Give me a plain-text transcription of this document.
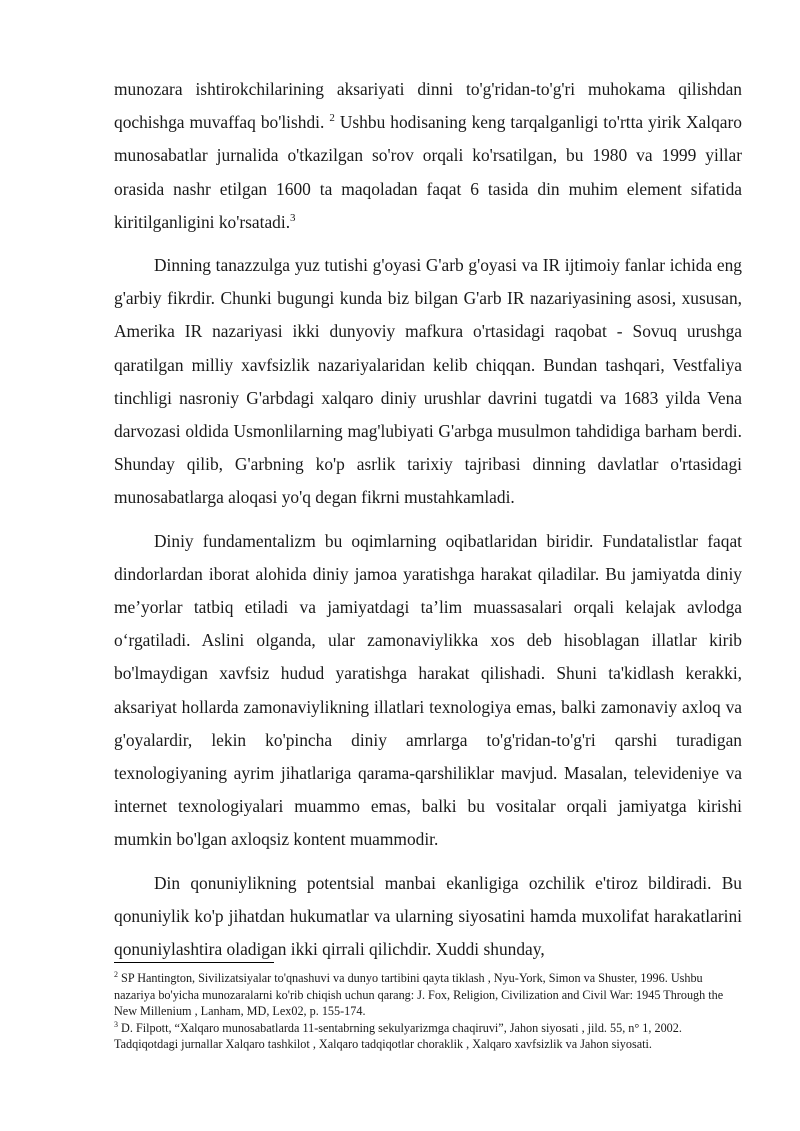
munozara ishtirokchilarining aksariyati dinni to'g'ridan-to'g'ri muhokama qilishdan qochishga muvaffaq bo'lishdi. $^2$ Ushbu hodisaning keng tarqalganligi to'rtta yirik Xalqaro munosabatlar jurnalida o'tkazilgan so'rov orqali ko'rsatilgan, bu 1980 va 1999 yillar orasida nashr etilgan 1600 ta maqoladan faqat 6 tasida din muhim element sifatida kiritilganligini ko'rsatadi.$^3$

Dinning tanazzulga yuz tutishi g'oyasi G'arb g'oyasi va IR ijtimoiy fanlar ichida eng g'arbiy fikrdir. Chunki bugungi kunda biz bilgan G'arb IR nazariyasining asosi, xususan, Amerika IR nazariyasi ikki dunyoviy mafkura o'rtasidagi raqobat - Sovuq urushga qaratilgan milliy xavfsizlik nazariyalaridan kelib chiqqan. Bundan tashqari, Vestfaliya tinchligi nasroniy G'arbdagi xalqaro diniy urushlar davrini tugatdi va 1683 yilda Vena darvozasi oldida Usmonlilarning mag'lubiyati G'arbga musulmon tahdidiga barham berdi. Shunday qilib, G'arbning ko'p asrlik tarixiy tajribasi dinning davlatlar o'rtasidagi munosabatlarga aloqasi yo'q degan fikrni mustahkamladi.

Diniy fundamentalizm bu oqimlarning oqibatlaridan biridir. Fundatalistlar faqat dindorlardan iborat alohida diniy jamoa yaratishga harakat qiladilar. Bu jamiyatda diniy me’yorlar tatbiq etiladi va jamiyatdagi ta’lim muassasalari orqali kelajak avlodga o‘rgatiladi. Aslini olganda, ular zamonaviylikka xos deb hisoblagan illatlar kirib bo'lmaydigan xavfsiz hudud yaratishga harakat qilishadi. Shuni ta'kidlash kerakki, aksariyat hollarda zamonaviylikning illatlari texnologiya emas, balki zamonaviy axloq va g'oyalardir, lekin ko'pincha diniy amrlarga to'g'ridan-to'g'ri qarshi turadigan texnologiyaning ayrim jihatlariga qarama-qarshiliklar mavjud. Masalan, televideniye va internet texnologiyalari muammo emas, balki bu vositalar orqali jamiyatga kirishi mumkin bo'lgan axloqsiz kontent muammodir.

Din qonuniylikning potentsial manbai ekanligiga ozchilik e'tiroz bildiradi. Bu qonuniylik ko'p jihatdan hukumatlar va ularning siyosatini hamda muxolifat harakatlarini qonuniylashtira oladigan ikki qirrali qilichdir. Xuddi shunday,

$^2$ SP Hantington, Sivilizatsiyalar to'qnashuvi va dunyo tartibini qayta tiklash , Nyu-York, Simon va Shuster, 1996. Ushbu nazariya bo'yicha munozaralarni ko'rib chiqish uchun qarang: J. Fox, Religion, Civilization and Civil War: 1945 Through the New Millenium , Lanham, MD, Lex02, p. 155-174.

$^3$ D. Filpott, “Xalqaro munosabatlarda 11-sentabrning sekulyarizmga chaqiruvi”, Jahon siyosati , jild. 55, n° 1, 2002. Tadqiqotdagi jurnallar Xalqaro tashkilot , Xalqaro tadqiqotlar choraklik , Xalqaro xavfsizlik va Jahon siyosati.
